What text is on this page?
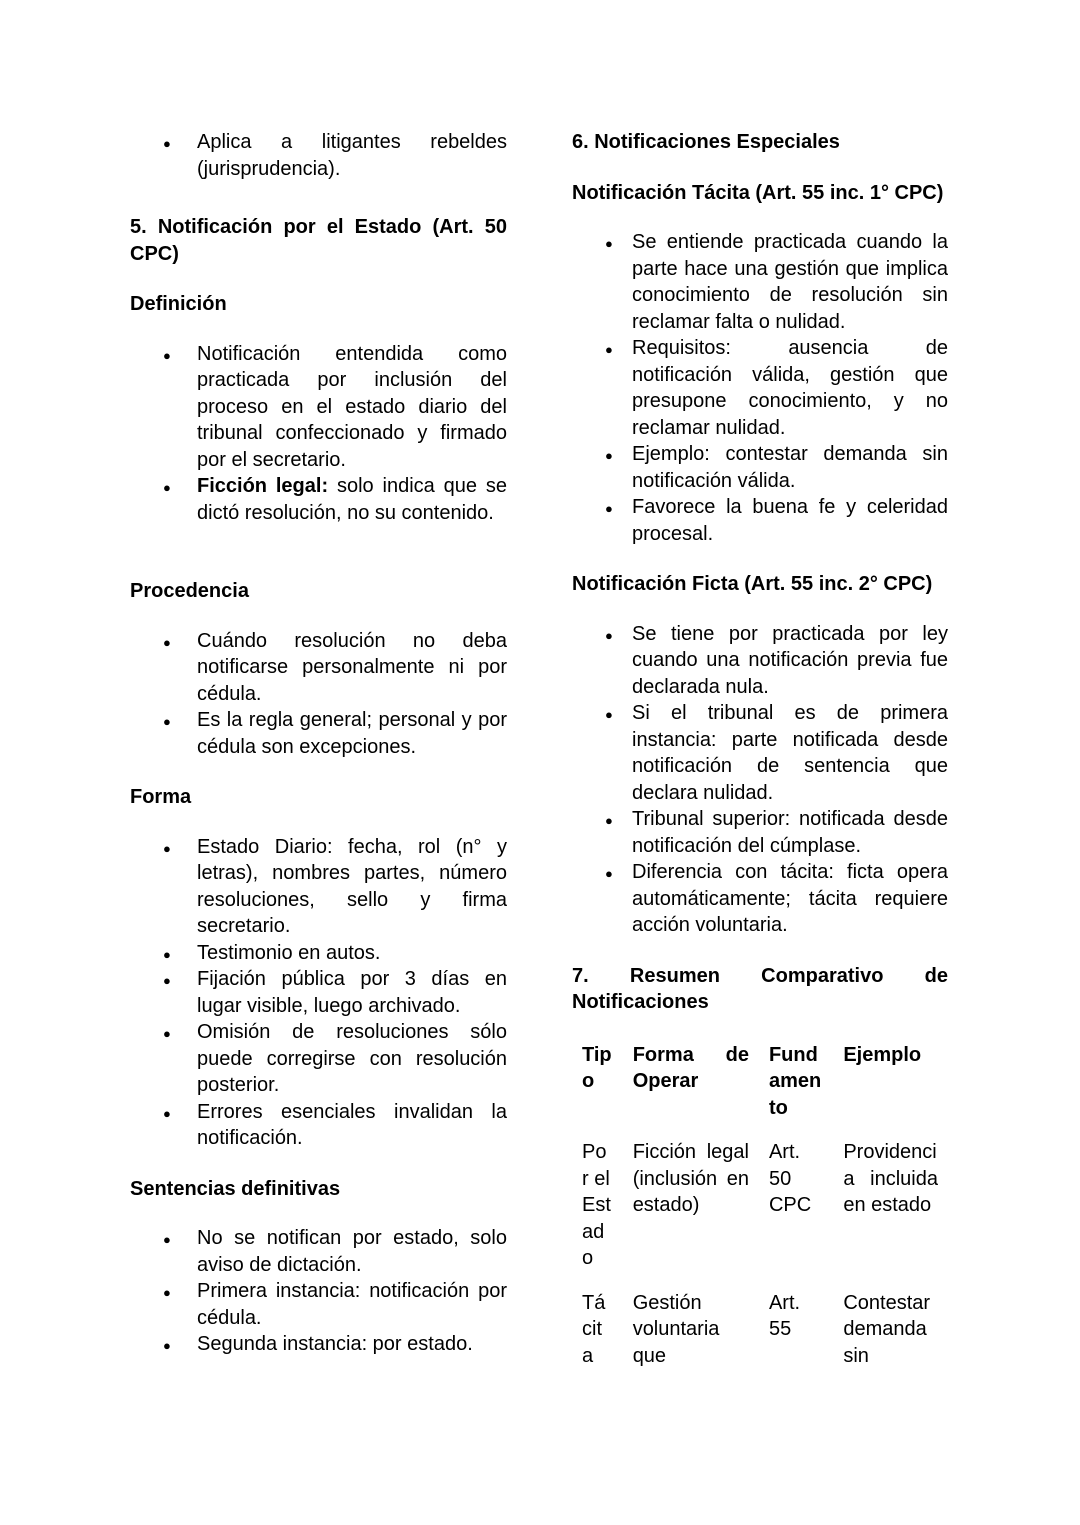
● Aplica a litigantes rebeldes (jurisprudencia).
5. Notificación por el Estado (Art. 50 CPC)
Definición
● Notificación entendida como practicada por inclusión del proceso en el estado diario del tribunal confeccionado y firmado por el secretario.
● Ficción legal: solo indica que se dictó resolución, no su contenido.
Procedencia
● Cuándo resolución no deba notificarse personalmente ni por cédula.
● Es la regla general; personal y por cédula son excepciones.
Forma
● Estado Diario: fecha, rol (n° y letras), nombres partes, número resoluciones, sello y firma secretario.
● Testimonio en autos.
● Fijación pública por 3 días en lugar visible, luego archivado.
● Omisión de resoluciones sólo puede corregirse con resolución posterior.
● Errores esenciales invalidan la notificación.
Sentencias definitivas
● No se notifican por estado, solo aviso de dictación.
● Primera instancia: notificación por cédula.
● Segunda instancia: por estado.
6. Notificaciones Especiales
Notificación Tácita (Art. 55 inc. 1° CPC)
● Se entiende practicada cuando la parte hace una gestión que implica conocimiento de resolución sin reclamar falta o nulidad.
● Requisitos: ausencia de notificación válida, gestión que presupone conocimiento, y no reclamar nulidad.
● Ejemplo: contestar demanda sin notificación válida.
● Favorece la buena fe y celeridad procesal.
Notificación Ficta (Art. 55 inc. 2° CPC)
● Se tiene por practicada por ley cuando una notificación previa fue declarada nula.
● Si el tribunal es de primera instancia: parte notificada desde notificación de sentencia que declara nulidad.
● Tribunal superior: notificada desde notificación del cúmplase.
● Diferencia con tácita: ficta opera automáticamente; tácita requiere acción voluntaria.
7. Resumen Comparativo de Notificaciones
Tipo	Forma de Operar	Fundamento	Ejemplo
Por el Estado	Ficción legal (inclusión en estado)	Art. 50 CPC	Providencia incluida en estado
Tácita	Gestión voluntaria que	Art. 55	Contestar demanda sin
